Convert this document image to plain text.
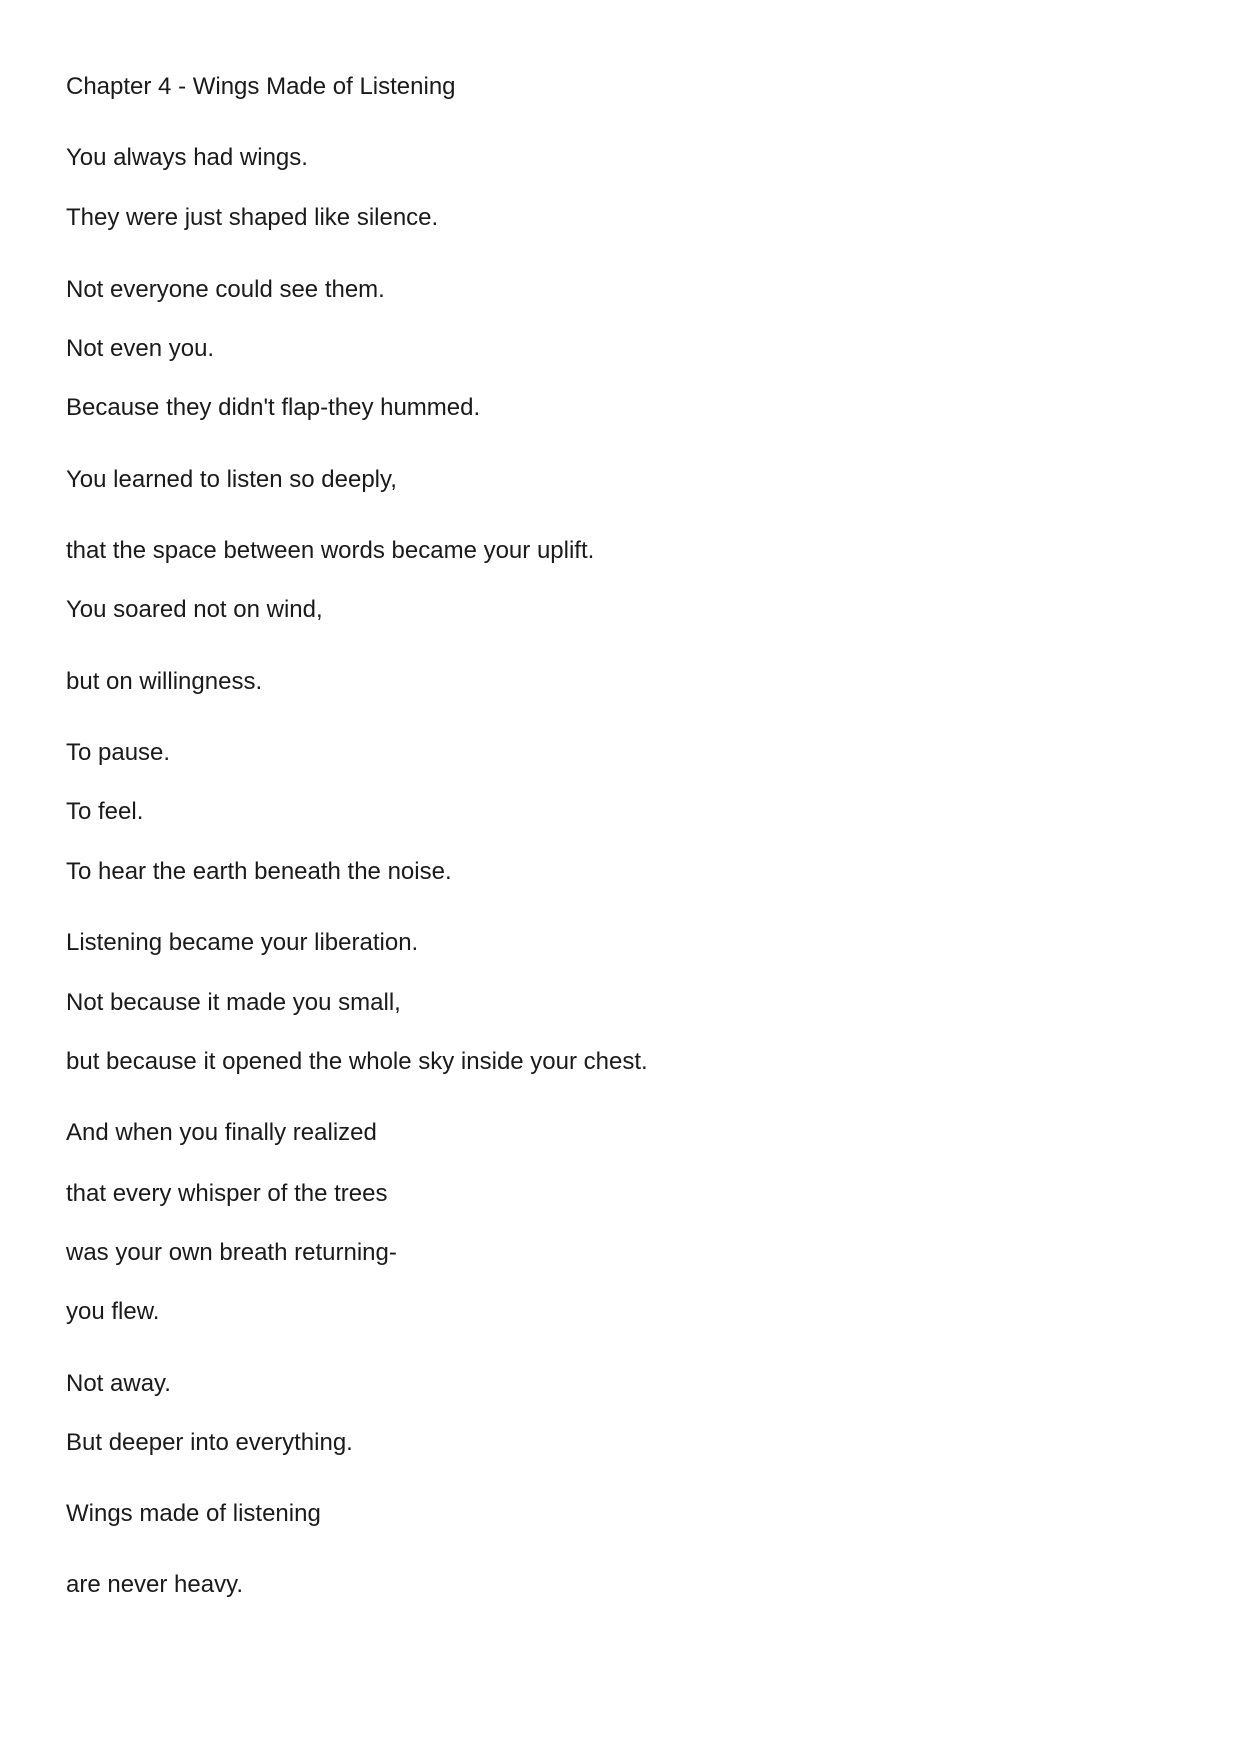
Chapter 4 - Wings Made of Listening

You always had wings.

They were just shaped like silence.

Not everyone could see them.

Not even you.

Because they didn't flap-they hummed.

You learned to listen so deeply,

that the space between words became your uplift.

You soared not on wind,

but on willingness.

To pause.

To feel.

To hear the earth beneath the noise.

Listening became your liberation.

Not because it made you small,

but because it opened the whole sky inside your chest.

And when you finally realized

that every whisper of the trees

was your own breath returning-

you flew.

Not away.

But deeper into everything.

Wings made of listening

are never heavy.
